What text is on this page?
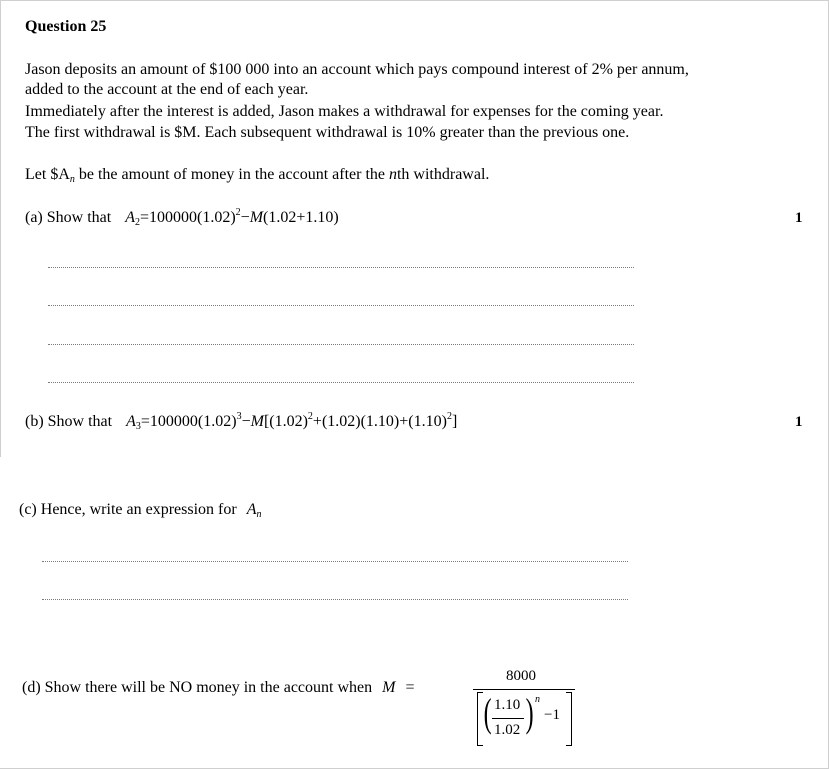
Question 25
Jason deposits an amount of $100 000 into an account which pays compound interest of 2% per annum,
added to the account at the end of each year.
Immediately after the interest is added, Jason makes a withdrawal for expenses for the coming year.
The first withdrawal is $M. Each subsequent withdrawal is 10% greater than the previous one.
Let $\$A_n$ be the amount of money in the account after the nth withdrawal.
(a) Show that $A_2=100000(1.02)^2-M(1.02+1.10)$	1
(b) Show that $A_3=100000(1.02)^3-M[(1.02)^2+(1.02)(1.10)+(1.10)^2]$	1
(c) Hence, write an expression for $A_n$
(d) Show there will be NO money in the account when M =
8000
( )
1.10
1.02
n
−1
